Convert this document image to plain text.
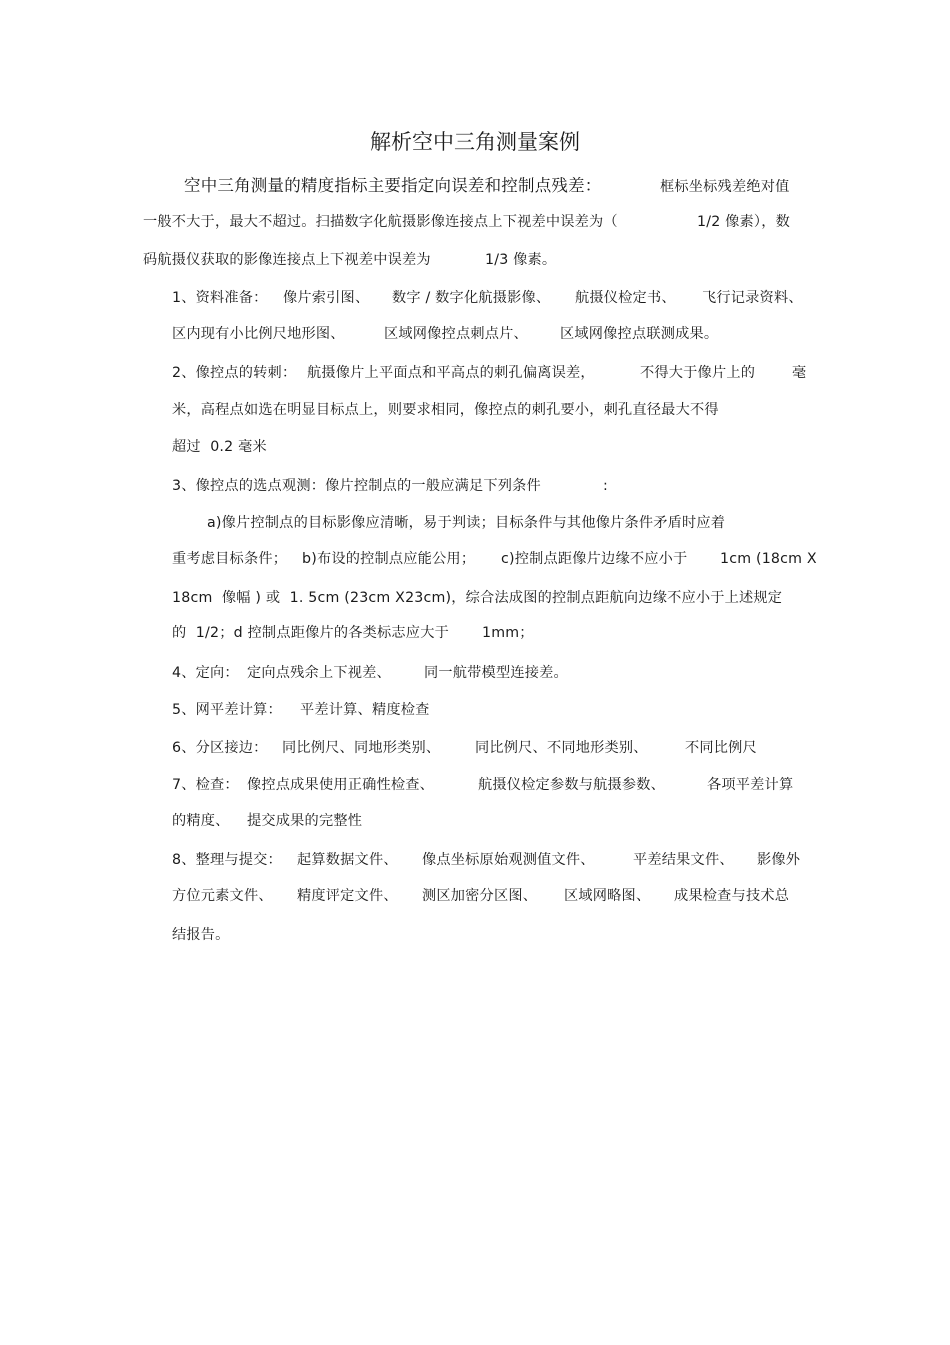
解析空中三角测量案例
空中三角测量的精度指标主要指定向误差和控制点残差：	框标坐标残差绝对值
一般不大于，最大不超过。扫描数字化航摄影像连接点上下视差中误差为（	1/2 像素），数
码航摄仪获取的影像连接点上下视差中误差为	1/3 像素。
1、资料准备： 像片索引图、 数字 / 数字化航摄影像、 航摄仪检定书、 飞行记录资料、
区内现有小比例尺地形图、	区域网像控点刺点片、 区域网像控点联测成果。
2、像控点的转刺： 航摄像片上平面点和平高点的刺孔偏离误差，	不得大于像片上的	毫
米，高程点如选在明显目标点上，则要求相同，像控点的刺孔要小，刺孔直径最大不得
超过  0.2 毫米
3、像控点的选点观测：像片控制点的一般应满足下列条件	:
a)像片控制点的目标影像应清晰，易于判读；目标条件与其他像片条件矛盾时应着
重考虑目标条件； b)布设的控制点应能公用； c)控制点距像片边缘不应小于 1cm (18cm X
18cm  像幅 ) 或  1. 5cm (23cm X23cm)，综合法成图的控制点距航向边缘不应小于上述规定
的  1/2；d 控制点距像片的各类标志应大于 1mm；
4、定向： 定向点残余上下视差、 同一航带模型连接差。
5、网平差计算： 平差计算、精度检查
6、分区接边： 同比例尺、同地形类别、 同比例尺、不同地形类别、	不同比例尺
7、检查： 像控点成果使用正确性检查、	航摄仪检定参数与航摄参数、	各项平差计算
的精度、 提交成果的完整性
8、整理与提交： 起算数据文件、 像点坐标原始观测值文件、	平差结果文件、 影像外
方位元素文件、 精度评定文件、 测区加密分区图、 区域网略图、 成果检查与技术总
结报告。
